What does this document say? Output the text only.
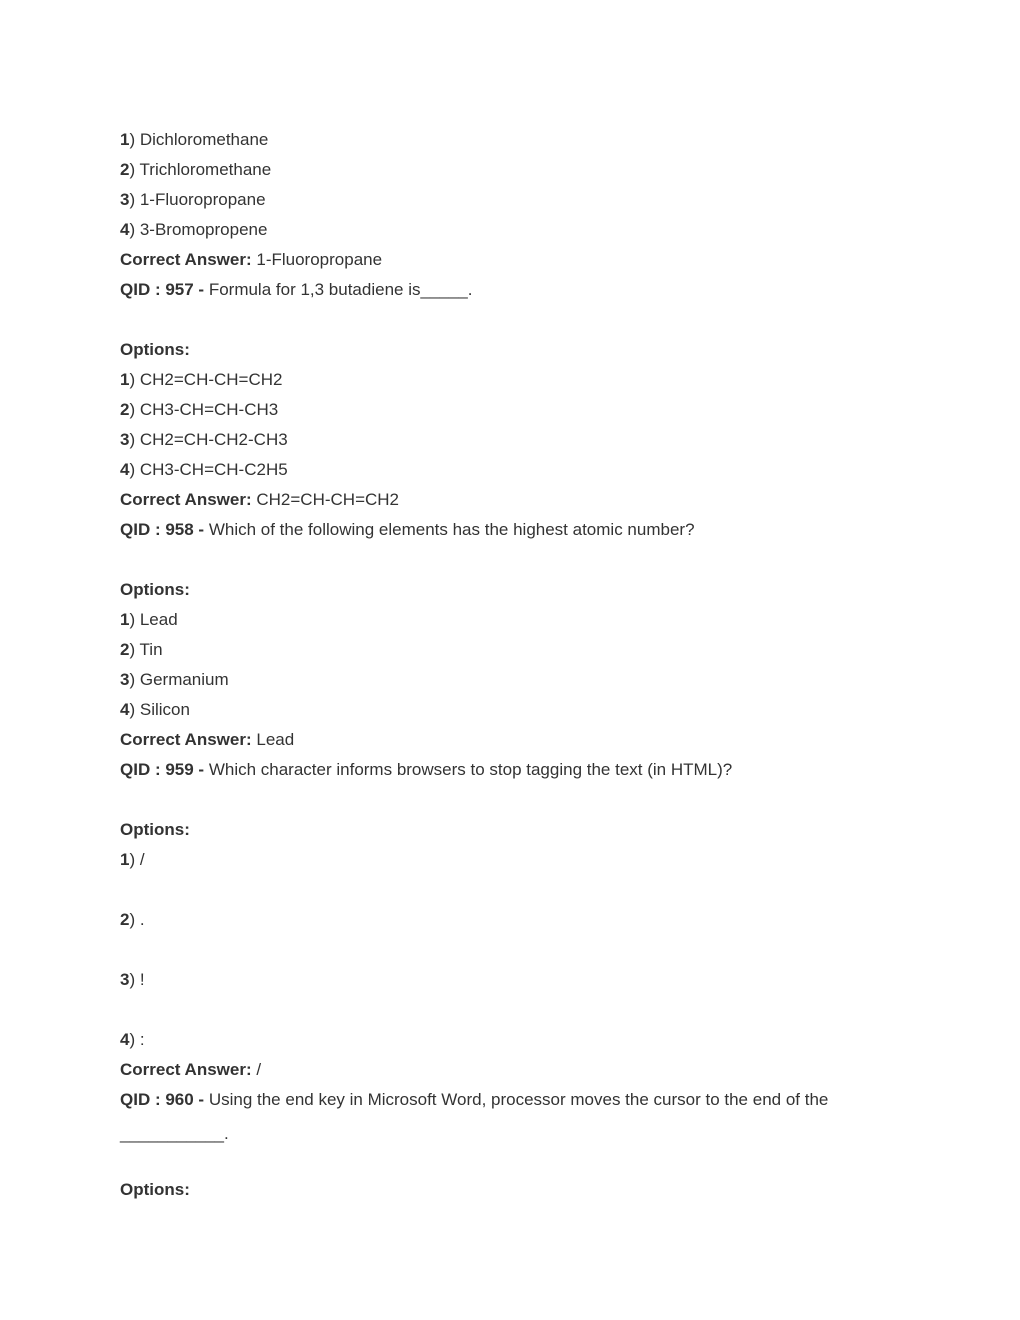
1) Dichloromethane
2) Trichloromethane
3) 1-Fluoropropane
4) 3-Bromopropene
Correct Answer: 1-Fluoropropane
QID : 957 - Formula for 1,3 butadiene is_____.
Options:
1) CH2=CH-CH=CH2
2) CH3-CH=CH-CH3
3) CH2=CH-CH2-CH3
4) CH3-CH=CH-C2H5
Correct Answer: CH2=CH-CH=CH2
QID : 958 - Which of the following elements has the highest atomic number?
Options:
1) Lead
2) Tin
3) Germanium
4) Silicon
Correct Answer: Lead
QID : 959 - Which character informs browsers to stop tagging the text (in HTML)?
Options:
1) /
2) .
3) !
4) :
Correct Answer: /
QID : 960 - Using the end key in Microsoft Word, processor moves the cursor to the end of the
___________.
Options:
